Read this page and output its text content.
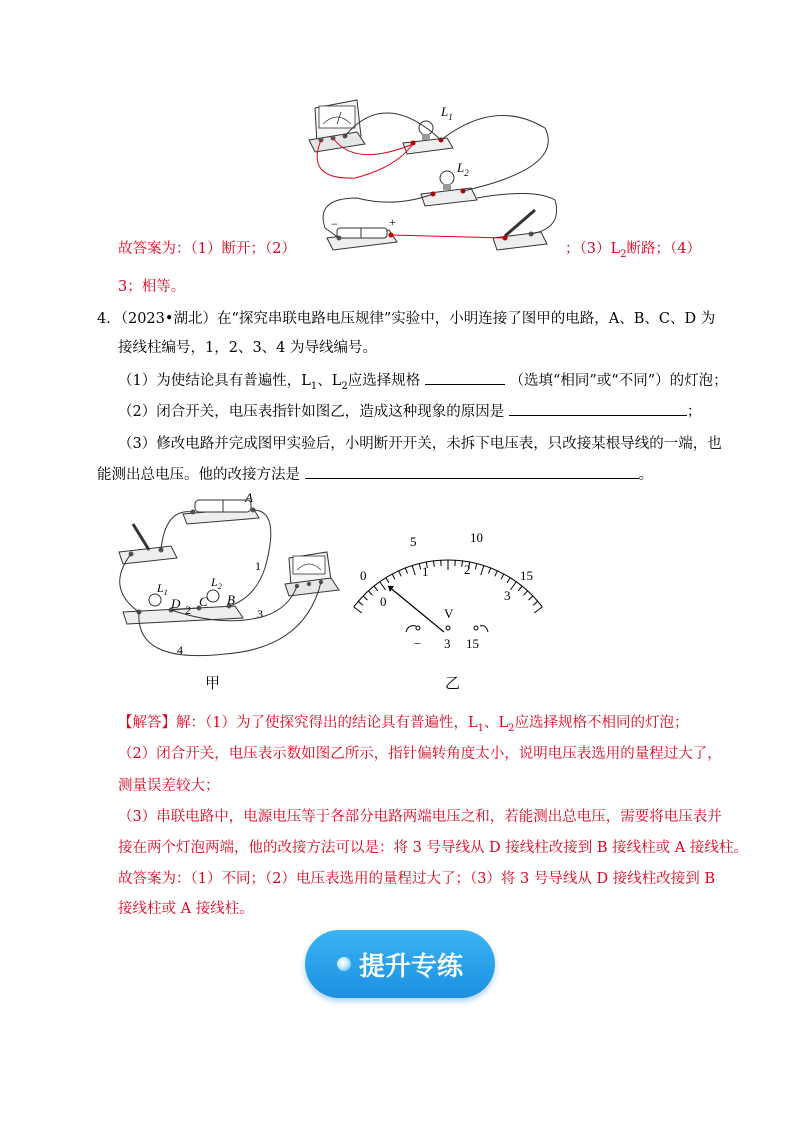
$L_1$
$L_2$
−	+
故答案为：（1）断开；（2）	；$(3)L_2$断路；（4）
3；相等。
4．（2023•湖北）在“探究串联电路电压规律”实验中，小明连接了图甲的电路，A、B、C、D 为
接线柱编号，1，2、3、4 为导线编号。
（1）为使结论具有普遍性，$L_1$、$L_2$应选择规格	（选填“相同”或“不同”）的灯泡；
（2）闭合开关，电压表指针如图乙，造成这种现象的原因是	；
（3）修改电路并完成图甲实验后，小明断开开关，未拆下电压表，只改接某根导线的一端，也
能测出总电压。他的改接方法是	。
A
$L_1$
$L_2$
D C B
2
1
3
4
甲
0
5	10
15
0
1	2
3
V
− 3 15
乙
【解答】解：（1）为了使探究得出的结论具有普遍性，$L_1$、$L_2$应选择规格不相同的灯泡；
（2）闭合开关，电压表示数如图乙所示，指针偏转角度太小，说明电压表选用的量程过大了，
测量误差较大；
（3）串联电路中，电源电压等于各部分电路两端电压之和，若能测出总电压，需要将电压表并
接在两个灯泡两端，他的改接方法可以是：将 3 号导线从 D 接线柱改接到 B 接线柱或 A 接线柱。
故答案为：（1）不同；（2）电压表选用的量程过大了；（3）将 3 号导线从 D 接线柱改接到 B
接线柱或 A 接线柱。
提升专练
